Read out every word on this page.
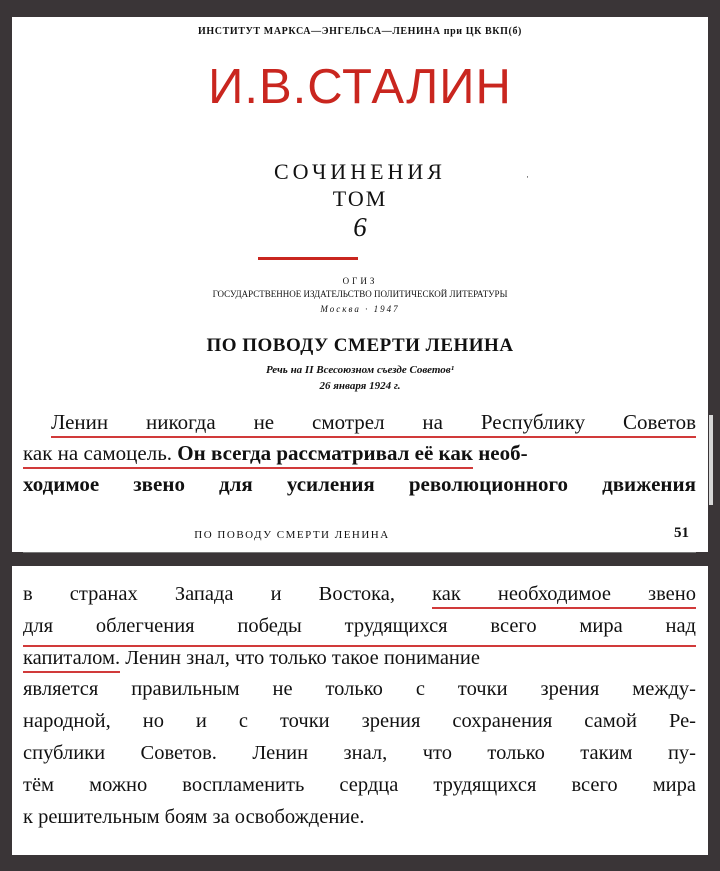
ИНСТИТУТ МАРКСА—ЭНГЕЛЬСА—ЛЕНИНА при ЦК ВКП(б)
И.В.СТАЛИН
СОЧИНЕНИЯ	·
ТОМ
6
ОГИЗ
ГОСУДАРСТВЕННОЕ ИЗДАТЕЛЬСТВО ПОЛИТИЧЕСКОЙ ЛИТЕРАТУРЫ
Москва · 1947
ПО ПОВОДУ СМЕРТИ ЛЕНИНА
Речь на II Всесоюзном съезде Советов¹
26 января 1924 г.
Ленин никогда не смотрел на Республику Советов
как на самоцель. Он всегда рассматривал её как необ-
ходимое звено для усиления революционного движения
ПО ПОВОДУ СМЕРТИ ЛЕНИНА	51
в странах Запада и Востока, как необходимое звено
для облегчения победы трудящихся всего мира над
капиталом. Ленин знал, что только такое понимание
является правильным не только с точки зрения между-
народной, но и с точки зрения сохранения самой Ре-
спублики Советов. Ленин знал, что только таким пу-
тём можно воспламенить сердца трудящихся всего мира
к решительным боям за освобождение.
